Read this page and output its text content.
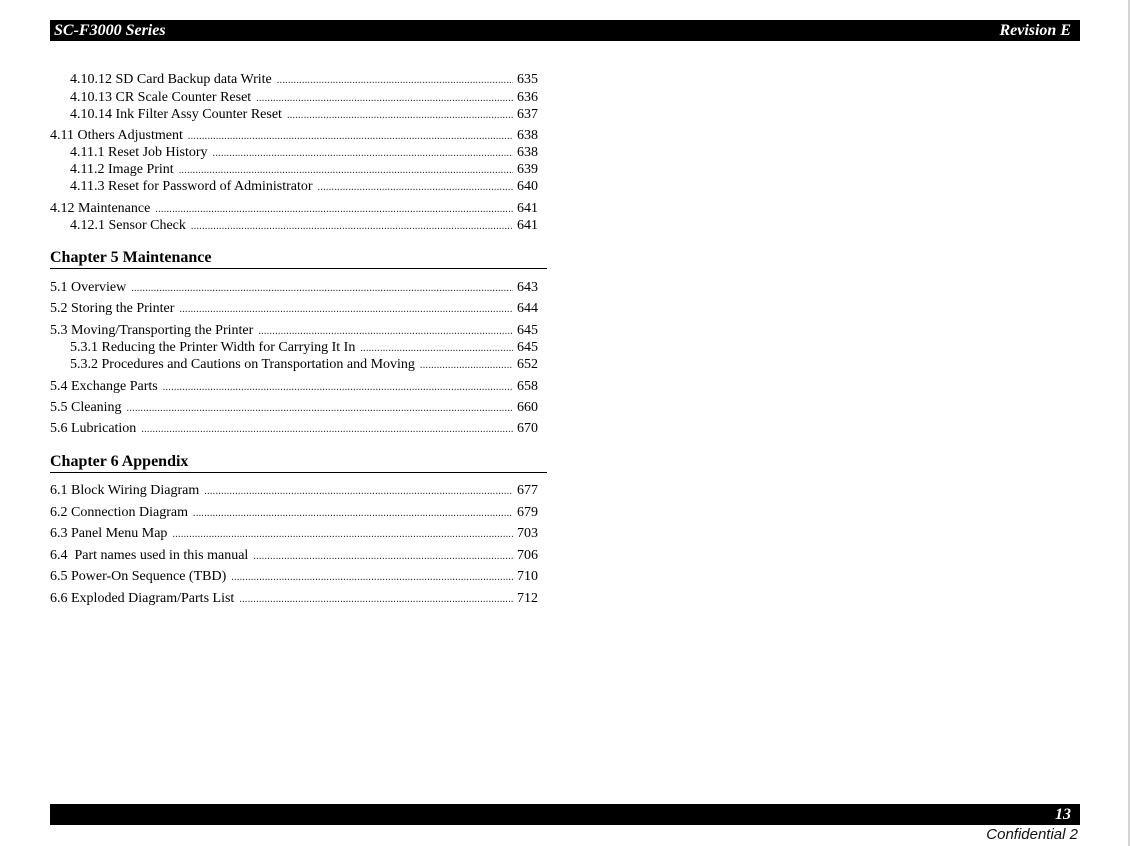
SC-F3000 Series	Revision E
4.10.12 SD Card Backup data Write .....	635
4.10.13 CR Scale Counter Reset .....	636
4.10.14 Ink Filter Assy Counter Reset .....	637
4.11 Others Adjustment .....	638
4.11.1 Reset Job History .....	638
4.11.2 Image Print .....	639
4.11.3 Reset for Password of Administrator .....	640
4.12 Maintenance .....	641
4.12.1 Sensor Check .....	641
Chapter 5 Maintenance
5.1 Overview .....	643
5.2 Storing the Printer .....	644
5.3 Moving/Transporting the Printer .....	645
5.3.1 Reducing the Printer Width for Carrying It In .....	645
5.3.2 Procedures and Cautions on Transportation and Moving .....	652
5.4 Exchange Parts .....	658
5.5 Cleaning .....	660
5.6 Lubrication .....	670
Chapter 6 Appendix
6.1 Block Wiring Diagram .....	677
6.2 Connection Diagram .....	679
6.3 Panel Menu Map .....	703
6.4  Part names used in this manual .....	706
6.5 Power-On Sequence (TBD) .....	710
6.6 Exploded Diagram/Parts List .....	712
13
Confidential 2
